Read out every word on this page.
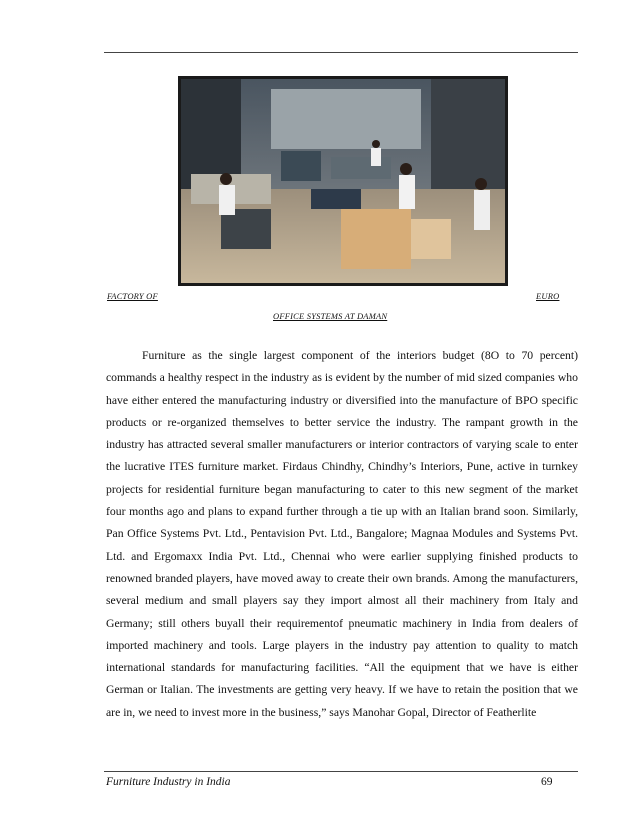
FACTORY OF	EURO
OFFICE SYSTEMS AT DAMAN

Furniture as the single largest component of the interiors budget (8O to 70 percent) commands a healthy respect in the industry as is evident by the number of mid sized companies who have either entered the manufacturing industry or diversified into the manufacture of BPO specific products or re-organized themselves to better service the industry. The rampant growth in the industry has attracted several smaller manufacturers or interior contractors of varying scale to enter the lucrative ITES furniture market. Firdaus Chindhy, Chindhy’s Interiors, Pune, active in turnkey projects for residential furniture began manufacturing to cater to this new segment of the market four months ago and plans to expand further through a tie up with an Italian brand soon. Similarly, Pan Office Systems Pvt. Ltd., Pentavision Pvt. Ltd., Bangalore; Magnaa Modules and Systems Pvt. Ltd. and Ergomaxx India Pvt. Ltd., Chennai who were earlier supplying finished products to renowned branded players, have moved away to create their own brands. Among the manufacturers, several medium and small players say they import almost all their machinery from Italy and Germany; still others buyall their requirementof pneumatic machinery in India from dealers of imported machinery and tools. Large players in the industry pay attention to quality to match international standards for manufacturing facilities. “All the equipment that we have is either German or Italian. The investments are getting very heavy. If we have to retain the position that we are in, we need to invest more in the business,” says Manohar Gopal, Director of Featherlite

Furniture Industry in India	69
